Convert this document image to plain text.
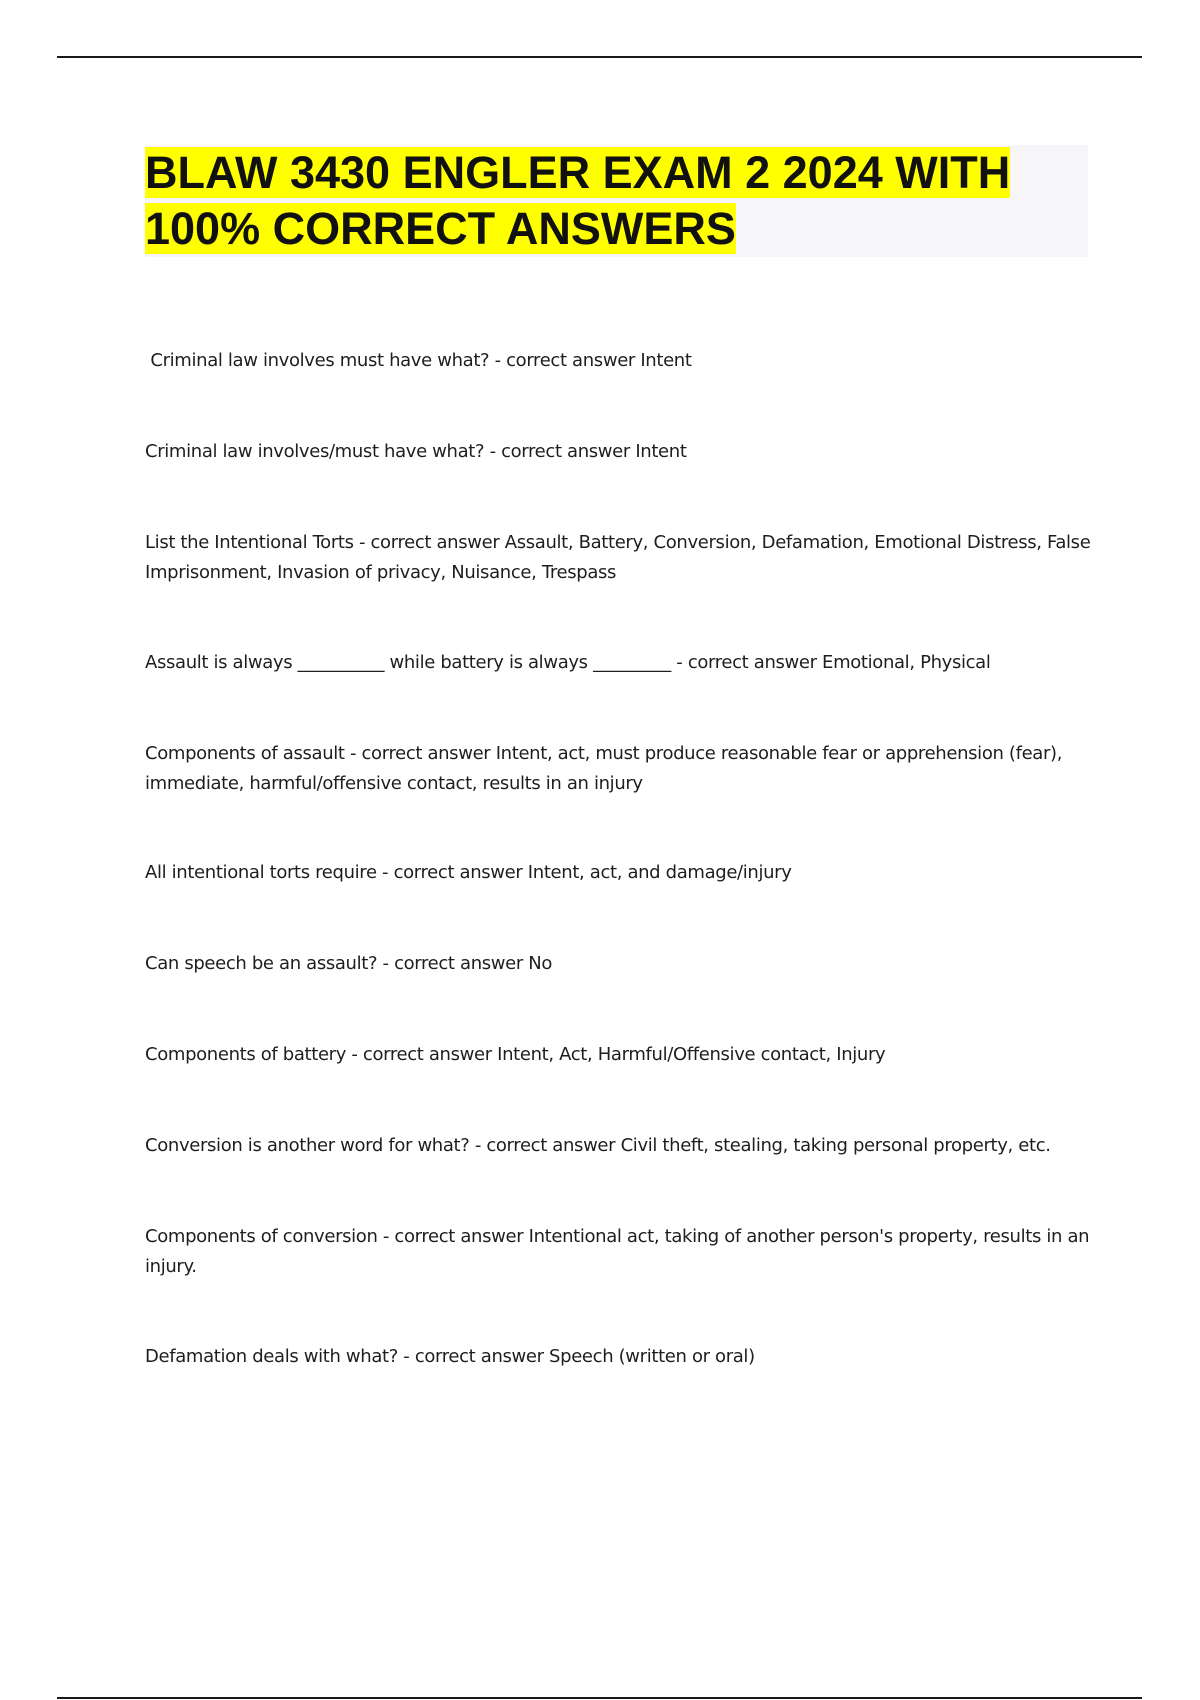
BLAW 3430 ENGLER EXAM 2 2024 WITH 100% CORRECT ANSWERS

Criminal law involves must have what? - correct answer Intent

Criminal law involves/must have what? - correct answer Intent

List the Intentional Torts - correct answer Assault, Battery, Conversion, Defamation, Emotional Distress, False Imprisonment, Invasion of privacy, Nuisance, Trespass

Assault is always __________ while battery is always _________ - correct answer Emotional, Physical

Components of assault - correct answer Intent, act, must produce reasonable fear or apprehension (fear), immediate, harmful/offensive contact, results in an injury

All intentional torts require - correct answer Intent, act, and damage/injury

Can speech be an assault? - correct answer No

Components of battery - correct answer Intent, Act, Harmful/Offensive contact, Injury

Conversion is another word for what? - correct answer Civil theft, stealing, taking personal property, etc.

Components of conversion - correct answer Intentional act, taking of another person's property, results in an injury.

Defamation deals with what? - correct answer Speech (written or oral)
